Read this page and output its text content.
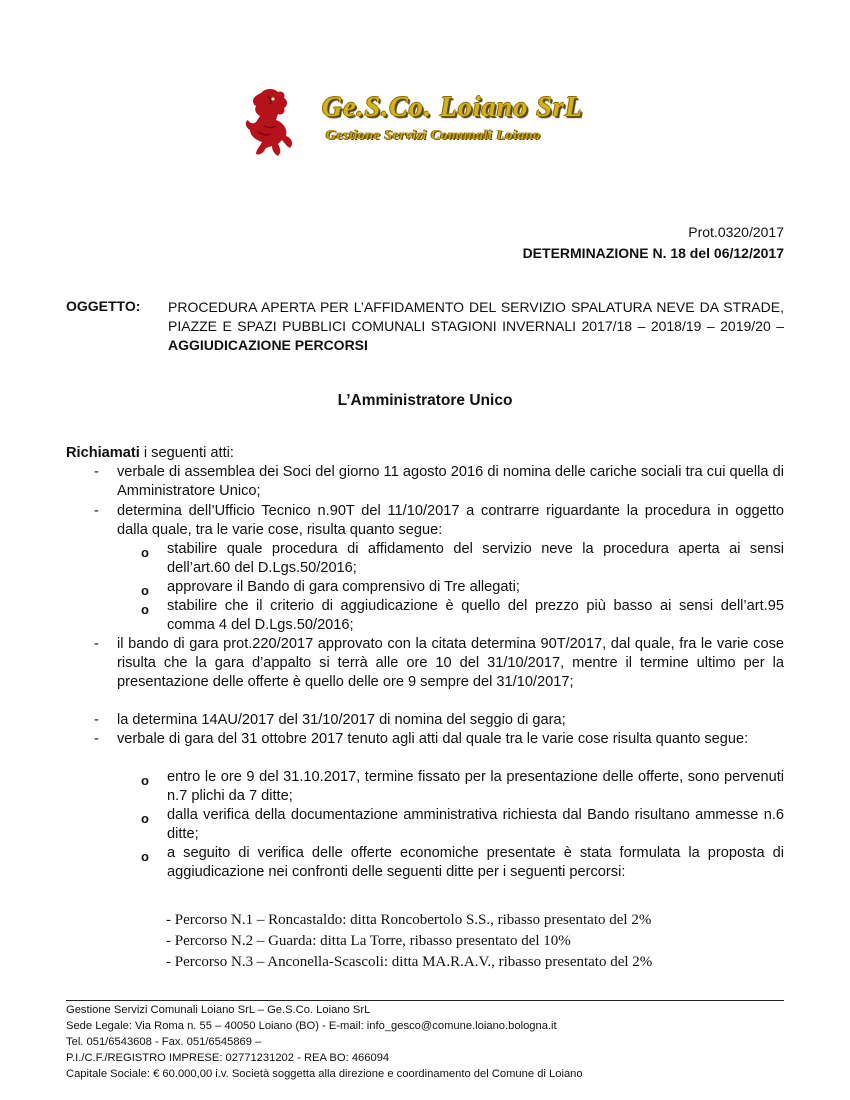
Ge.S.Co. Loiano SrL
Gestione Servizi Comunali Loiano
Prot.0320/2017
DETERMINAZIONE N. 18 del 06/12/2017
OGGETTO: PROCEDURA APERTA PER L’AFFIDAMENTO DEL SERVIZIO SPALATURA NEVE DA STRADE, PIAZZE E SPAZI PUBBLICI COMUNALI STAGIONI INVERNALI 2017/18 – 2018/19 – 2019/20 – AGGIUDICAZIONE PERCORSI
L’Amministratore Unico
Richiamati i seguenti atti:
- verbale di assemblea dei Soci del giorno 11 agosto 2016 di nomina delle cariche sociali tra cui quella di Amministratore Unico;
- determina dell’Ufficio Tecnico n.90T del 11/10/2017 a contrarre riguardante la procedura in oggetto dalla quale, tra le varie cose, risulta quanto segue:
o stabilire quale procedura di affidamento del servizio neve la procedura aperta ai sensi dell’art.60 del D.Lgs.50/2016;
o approvare il Bando di gara comprensivo di Tre allegati;
o stabilire che il criterio di aggiudicazione è quello del prezzo più basso ai sensi dell’art.95 comma 4 del D.Lgs.50/2016;
- il bando di gara prot.220/2017 approvato con la citata determina 90T/2017, dal quale, fra le varie cose risulta che la gara d’appalto si terrà alle ore 10 del 31/10/2017, mentre il termine ultimo per la presentazione delle offerte è quello delle ore 9 sempre del 31/10/2017;
- la determina 14AU/2017 del 31/10/2017 di nomina del seggio di gara;
- verbale di gara del 31 ottobre 2017 tenuto agli atti dal quale tra le varie cose risulta quanto segue:
o entro le ore 9 del 31.10.2017, termine fissato per la presentazione delle offerte, sono pervenuti n.7 plichi da 7 ditte;
o dalla verifica della documentazione amministrativa richiesta dal Bando risultano ammesse n.6 ditte;
o a seguito di verifica delle offerte economiche presentate è stata formulata la proposta di aggiudicazione nei confronti delle seguenti ditte per i seguenti percorsi:
- Percorso N.1 – Roncastaldo: ditta Roncobertolo S.S., ribasso presentato del 2%
- Percorso N.2 – Guarda: ditta La Torre, ribasso presentato del 10%
- Percorso N.3 – Anconella-Scascoli: ditta MA.R.A.V., ribasso presentato del 2%
Gestione Servizi Comunali Loiano SrL – Ge.S.Co. Loiano SrL
Sede Legale: Via Roma n. 55 – 40050 Loiano (BO) - E-mail: info_gesco@comune.loiano.bologna.it
Tel. 051/6543608 - Fax. 051/6545869 –
P.I./C.F./REGISTRO IMPRESE: 02771231202 - REA BO: 466094
Capitale Sociale: € 60.000,00 i.v. Società soggetta alla direzione e coordinamento del Comune di Loiano
